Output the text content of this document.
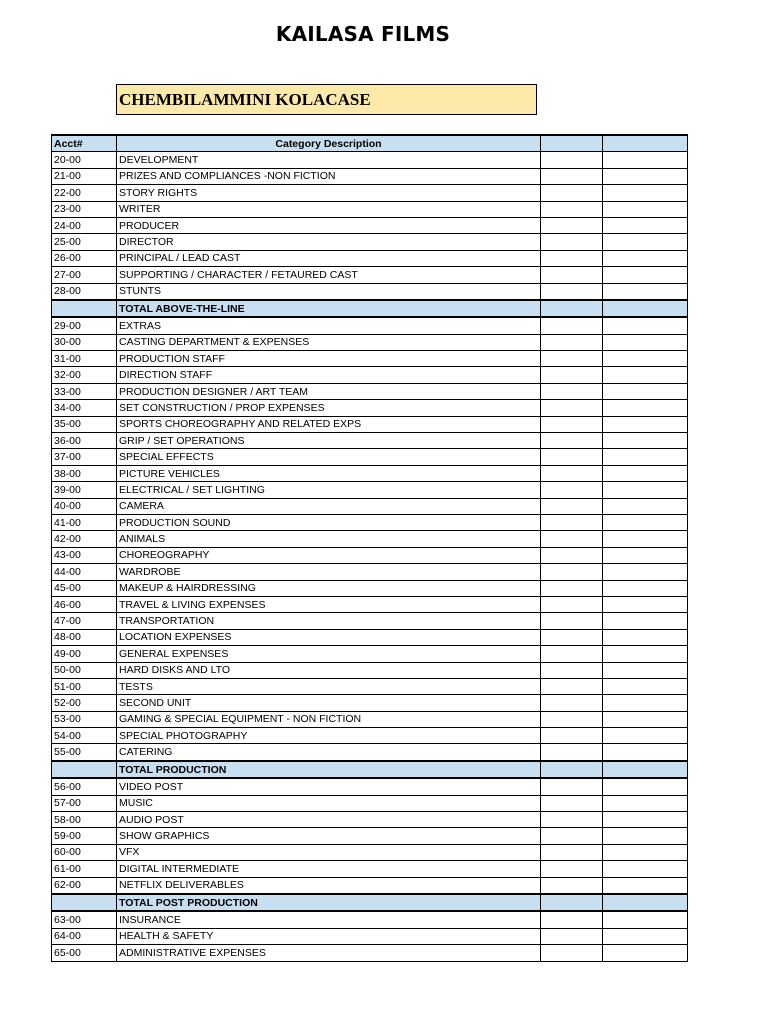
KAILASA FILMS
CHEMBILAMMINI KOLACASE
Acct#	Category Description		
20-00	DEVELOPMENT		
21-00	PRIZES AND COMPLIANCES -NON FICTION		
22-00	STORY RIGHTS		
23-00	WRITER		
24-00	PRODUCER		
25-00	DIRECTOR		
26-00	PRINCIPAL / LEAD CAST		
27-00	SUPPORTING / CHARACTER / FETAURED CAST		
28-00	STUNTS		
	TOTAL ABOVE-THE-LINE		
29-00	EXTRAS		
30-00	CASTING DEPARTMENT & EXPENSES		
31-00	PRODUCTION STAFF		
32-00	DIRECTION STAFF		
33-00	PRODUCTION DESIGNER / ART TEAM		
34-00	SET CONSTRUCTION / PROP EXPENSES		
35-00	SPORTS CHOREOGRAPHY AND RELATED EXPS		
36-00	GRIP / SET OPERATIONS		
37-00	SPECIAL EFFECTS		
38-00	PICTURE VEHICLES		
39-00	ELECTRICAL / SET LIGHTING		
40-00	CAMERA		
41-00	PRODUCTION SOUND		
42-00	ANIMALS		
43-00	CHOREOGRAPHY		
44-00	WARDROBE		
45-00	MAKEUP & HAIRDRESSING		
46-00	TRAVEL & LIVING EXPENSES		
47-00	TRANSPORTATION		
48-00	LOCATION EXPENSES		
49-00	GENERAL EXPENSES		
50-00	HARD DISKS AND LTO		
51-00	TESTS		
52-00	SECOND UNIT		
53-00	GAMING & SPECIAL EQUIPMENT - NON FICTION		
54-00	SPECIAL PHOTOGRAPHY		
55-00	CATERING		
	TOTAL PRODUCTION		
56-00	VIDEO POST		
57-00	MUSIC		
58-00	AUDIO POST		
59-00	SHOW GRAPHICS		
60-00	VFX		
61-00	DIGITAL INTERMEDIATE		
62-00	NETFLIX DELIVERABLES		
	TOTAL POST PRODUCTION		
63-00	INSURANCE		
64-00	HEALTH & SAFETY		
65-00	ADMINISTRATIVE EXPENSES		
